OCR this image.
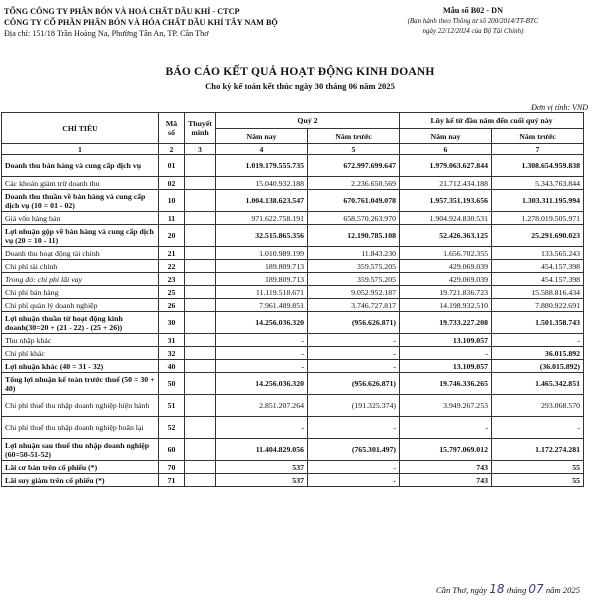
TỔNG CÔNG TY PHÂN BÓN VÀ HOÁ CHẤT DẦU KHÍ - CTCP
CÔNG TY CỔ PHẦN PHÂN BÓN VÀ HÓA CHẤT DẦU KHÍ TÂY NAM BỘ
Địa chỉ: 151/18 Trần Hoàng Na, Phường Tân An, TP. Cần Thơ
Mẫu số B02 - DN
(Ban hành theo Thông tư số 200/2014/TT-BTC
ngày 22/12/2024 của Bộ Tài Chính)
BÁO CÁO KẾT QUẢ HOẠT ĐỘNG KINH DOANH
Cho kỳ kế toán kết thúc ngày 30 tháng 06 năm 2025
Đơn vị tính: VND
CHỈ TIÊU	Mã số	Thuyết minh	Quý 2		Lũy kế từ đầu năm đến cuối quý này	
			Năm nay	Năm trước	Năm nay	Năm trước
1	2	3	4	5	6	7
Doanh thu bán hàng và cung cấp dịch vụ	01		1.019.179.555.735	672.997.699.647	1.979.063.627.844	1.308.654.959.838
Các khoản giảm trừ doanh thu	02		15.040.932.188	2.236.650.569	21.712.434.188	5.343.763.844
Doanh thu thuần về bán hàng và cung cấp dịch vụ (10 = 01 - 02)	10		1.004.138.623.547	670.761.049.078	1.957.351.193.656	1.303.311.195.994
Giá vốn hàng bán	11		971.622.758.191	658.570.263.970	1.904.924.830.531	1.278.019.505.971
Lợi nhuận gộp về bán hàng và cung cấp dịch vụ (20 = 10 - 11)	20		32.515.865.356	12.190.785.108	52.426.363.125	25.291.690.023
Doanh thu hoạt động tài chính	21		1.010.989.199	11.843.230	1.656.702.355	133.565.243
Chi phí tài chính	22		189.809.713	359.575.205	429.069.039	454.157.398
Trong đó: chi phí lãi vay	23		189.809.713	359.575.205	429.069.039	454.157.398
Chi phí bán hàng	25		11.119.518.671	9.052.952.187	19.721.836.723	15.588.816.434
Chi phí quản lý doanh nghiệp	26		7.961.489.851	3.746.727.817	14.198.932.510	7.880.922.691
Lợi nhuận thuần từ hoạt động kinh doanh(30=20 + (21 - 22) - (25 + 26))	30		14.256.036.320	(956.626.871)	19.733.227.208	1.501.358.743
Thu nhập khác	31		-	-	13.109.057	-
Chi phí khác	32		-	-	-	36.015.892
Lợi nhuận khác (40 = 31 - 32)	40		-	-	13.109.057	(36.015.892)
Tổng lợi nhuận kế toán trước thuế (50 = 30 + 40)	50		14.256.036.320	(956.626.871)	19.746.336.265	1.465.342.851
Chi phí thuế thu nhập doanh nghiệp hiện hành	51		2.851.207.264	(191.325.374)	3.949.267.253	293.068.570
Chi phí thuế thu nhập doanh nghiệp hoãn lại	52		-	-	-	-
Lợi nhuận sau thuế thu nhập doanh nghiệp (60=50-51-52)	60		11.404.829.056	(765.301.497)	15.797.069.012	1.172.274.281
Lãi cơ bản trên cổ phiếu (*)	70		537	-	743	55
Lãi suy giảm trên cổ phiếu (*)	71		537	-	743	55
Cần Thơ, ngày 18 tháng 07 năm 2025
